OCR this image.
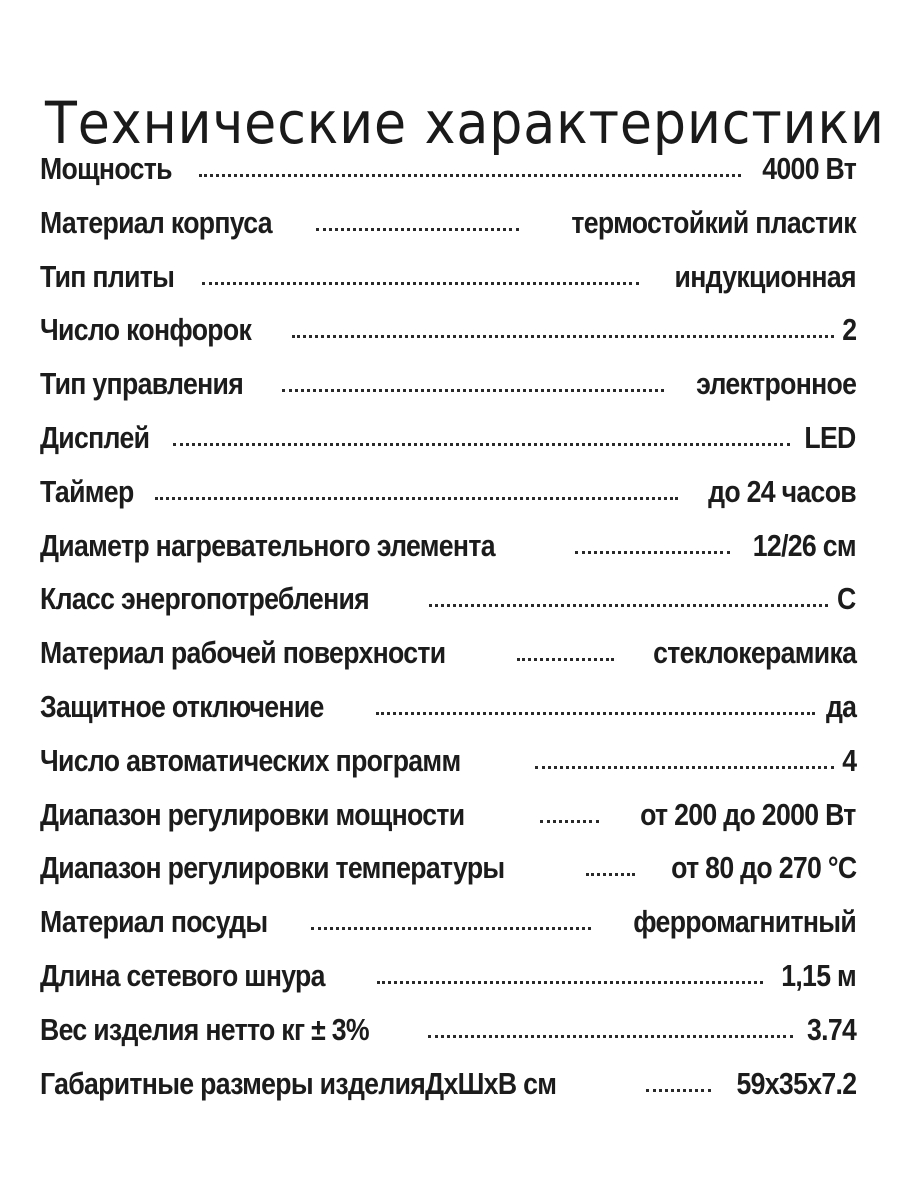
Технические характеристики
Мощность	4000 Вт
Материал корпуса	термостойкий пластик
Тип плиты	индукционная
Число конфорок	2
Тип управления	электронное
Дисплей	LED
Таймер	до 24 часов
Диаметр нагревательного элемента	12/26 см
Класс энергопотребления	С
Материал рабочей поверхности	стеклокерамика
Защитное отключение	да
Число автоматических программ	4
Диапазон регулировки мощности	от 200 до 2000 Вт
Диапазон регулировки температуры	от 80 до 270 °С
Материал посуды	ферромагнитный
Длина сетевого шнура	1,15 м
Вес изделия нетто кг ± 3%	3.74
Габаритные размеры изделияДхШхВ см	59x35x7.2
